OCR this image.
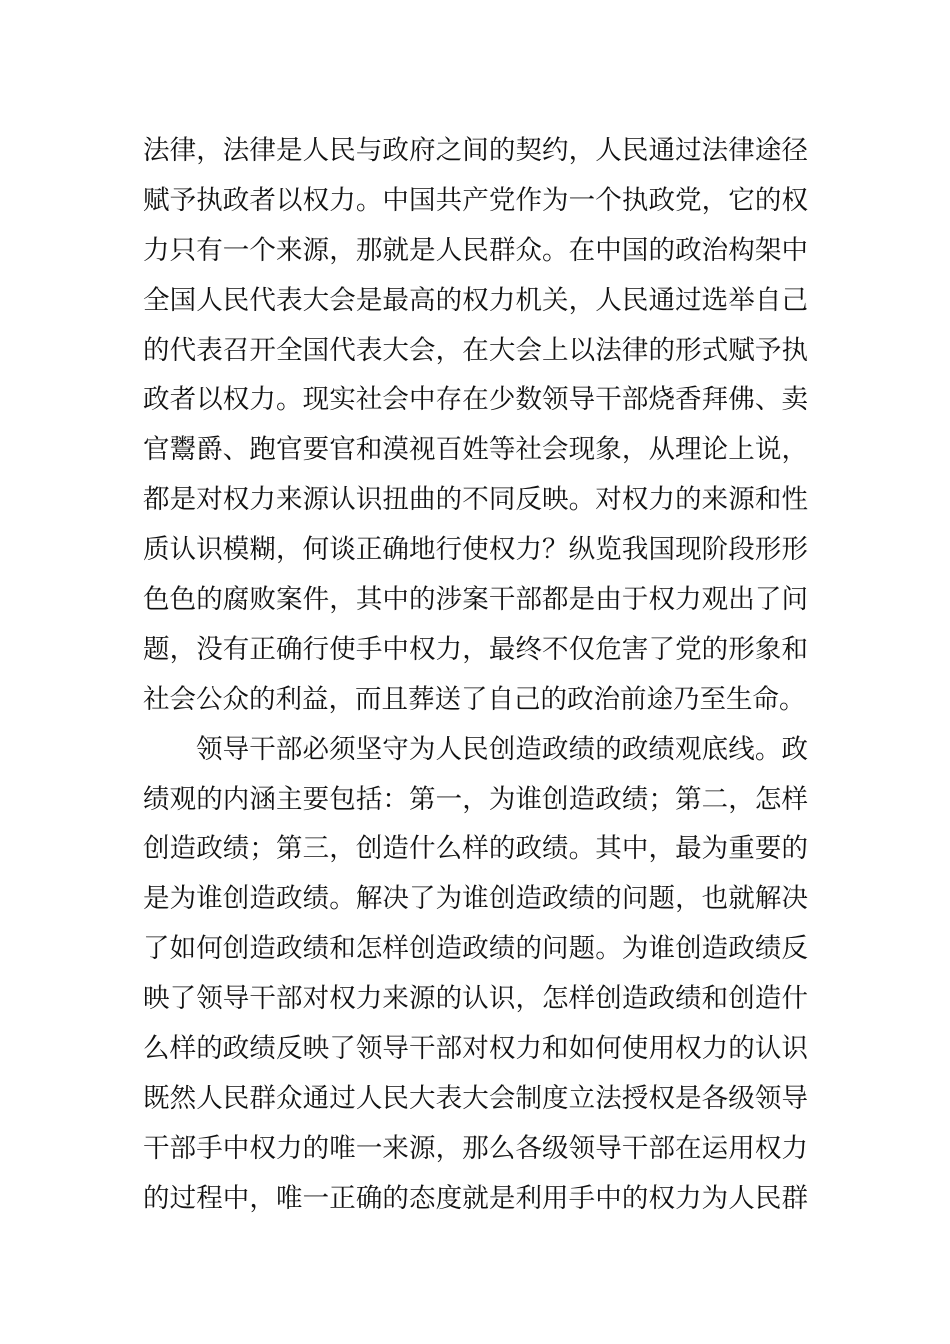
法律，法律是人民与政府之间的契约，人民通过法律途径
赋予执政者以权力。中国共产党作为一个执政党，它的权
力只有一个来源，那就是人民群众。在中国的政治构架中
全国人民代表大会是最高的权力机关，人民通过选举自己
的代表召开全国代表大会，在大会上以法律的形式赋予执
政者以权力。现实社会中存在少数领导干部烧香拜佛、卖
官鬻爵、跑官要官和漠视百姓等社会现象，从理论上说，
都是对权力来源认识扭曲的不同反映。对权力的来源和性
质认识模糊，何谈正确地行使权力？纵览我国现阶段形形
色色的腐败案件，其中的涉案干部都是由于权力观出了问
题，没有正确行使手中权力，最终不仅危害了党的形象和
社会公众的利益，而且葬送了自己的政治前途乃至生命。
领导干部必须坚守为人民创造政绩的政绩观底线。政
绩观的内涵主要包括：第一，为谁创造政绩；第二，怎样
创造政绩；第三，创造什么样的政绩。其中，最为重要的
是为谁创造政绩。解决了为谁创造政绩的问题，也就解决
了如何创造政绩和怎样创造政绩的问题。为谁创造政绩反
映了领导干部对权力来源的认识，怎样创造政绩和创造什
么样的政绩反映了领导干部对权力和如何使用权力的认识
既然人民群众通过人民大表大会制度立法授权是各级领导
干部手中权力的唯一来源，那么各级领导干部在运用权力
的过程中，唯一正确的态度就是利用手中的权力为人民群
